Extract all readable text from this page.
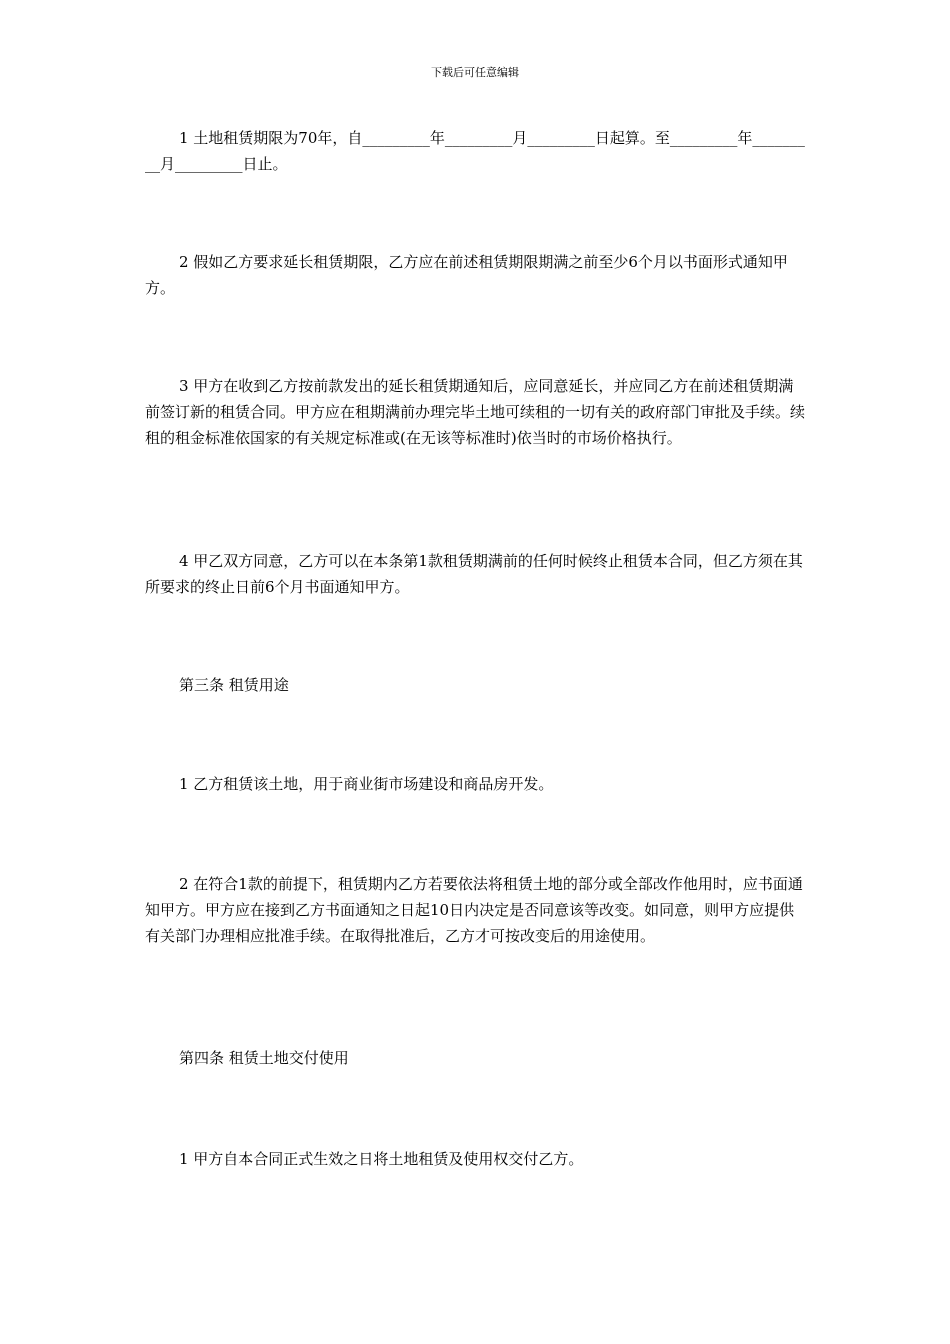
下载后可任意编辑

1 土地租赁期限为70年，自_________年_________月_________日起算。至_________年_________月_________日止。

2 假如乙方要求延长租赁期限，乙方应在前述租赁期限期满之前至少6个月以书面形式通知甲方。

3 甲方在收到乙方按前款发出的延长租赁期通知后，应同意延长，并应同乙方在前述租赁期满前签订新的租赁合同。甲方应在租期满前办理完毕土地可续租的一切有关的政府部门审批及手续。续租的租金标准依国家的有关规定标准或(在无该等标准时)依当时的市场价格执行。

4 甲乙双方同意，乙方可以在本条第1款租赁期满前的任何时候终止租赁本合同，但乙方须在其所要求的终止日前6个月书面通知甲方。

第三条 租赁用途

1 乙方租赁该土地，用于商业街市场建设和商品房开发。

2 在符合1款的前提下，租赁期内乙方若要依法将租赁土地的部分或全部改作他用时，应书面通知甲方。甲方应在接到乙方书面通知之日起10日内决定是否同意该等改变。如同意，则甲方应提供有关部门办理相应批准手续。在取得批准后，乙方才可按改变后的用途使用。

第四条 租赁土地交付使用

1 甲方自本合同正式生效之日将土地租赁及使用权交付乙方。
